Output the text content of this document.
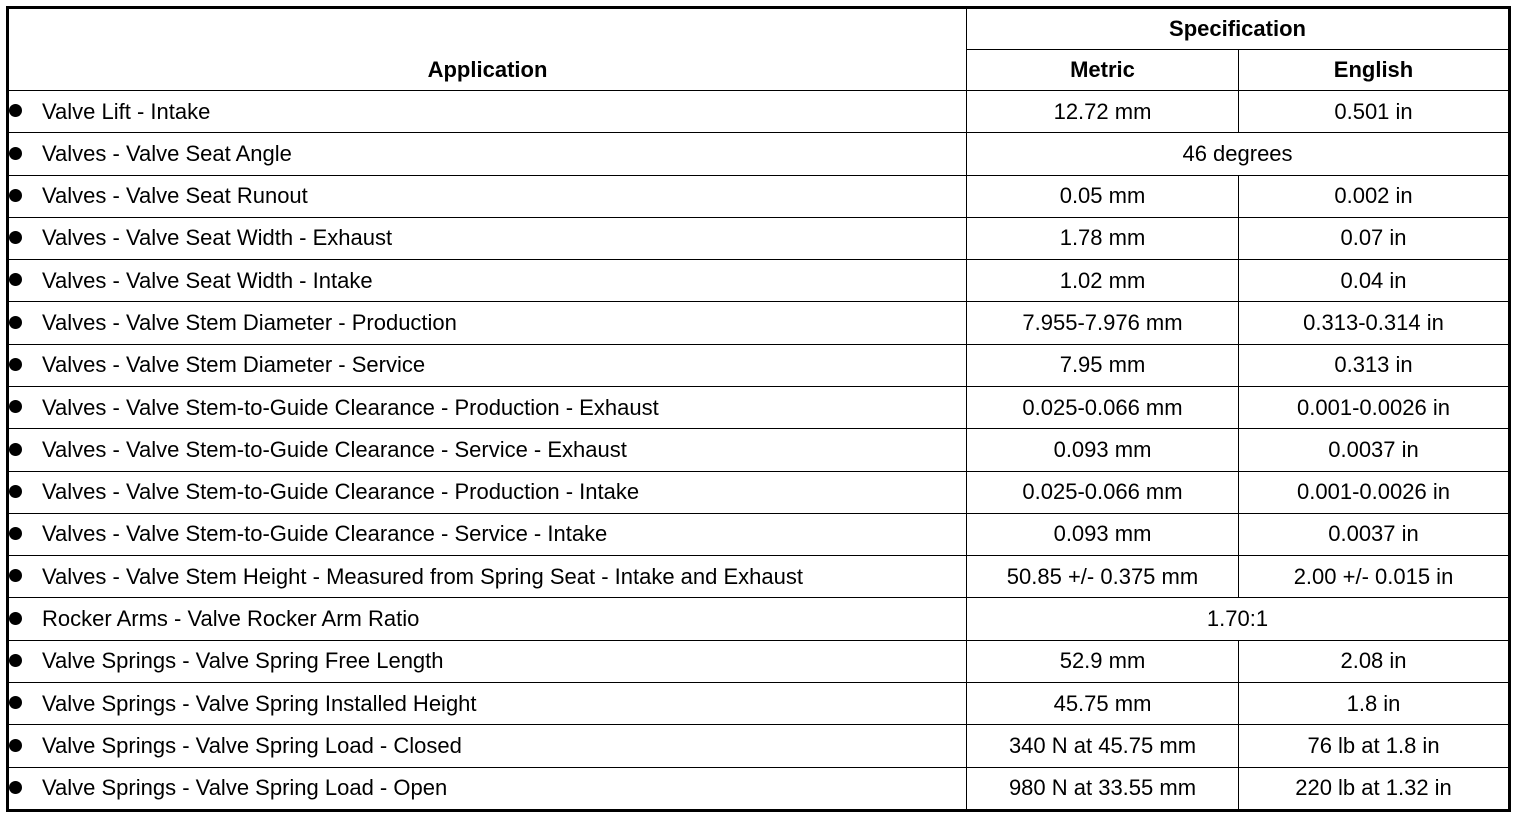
Application	Specification	
	Metric	English
Valve Lift - Intake	12.72 mm	0.501 in
Valves - Valve Seat Angle	46 degrees	
Valves - Valve Seat Runout	0.05 mm	0.002 in
Valves - Valve Seat Width - Exhaust	1.78 mm	0.07 in
Valves - Valve Seat Width - Intake	1.02 mm	0.04 in
Valves - Valve Stem Diameter - Production	7.955-7.976 mm	0.313-0.314 in
Valves - Valve Stem Diameter - Service	7.95 mm	0.313 in
Valves - Valve Stem-to-Guide Clearance - Production - Exhaust	0.025-0.066 mm	0.001-0.0026 in
Valves - Valve Stem-to-Guide Clearance - Service - Exhaust	0.093 mm	0.0037 in
Valves - Valve Stem-to-Guide Clearance - Production - Intake	0.025-0.066 mm	0.001-0.0026 in
Valves - Valve Stem-to-Guide Clearance - Service - Intake	0.093 mm	0.0037 in
Valves - Valve Stem Height - Measured from Spring Seat - Intake and Exhaust	50.85 +/- 0.375 mm	2.00 +/- 0.015 in
Rocker Arms - Valve Rocker Arm Ratio	1.70:1	
Valve Springs - Valve Spring Free Length	52.9 mm	2.08 in
Valve Springs - Valve Spring Installed Height	45.75 mm	1.8 in
Valve Springs - Valve Spring Load - Closed	340 N at 45.75 mm	76 lb at 1.8 in
Valve Springs - Valve Spring Load - Open	980 N at 33.55 mm	220 lb at 1.32 in
